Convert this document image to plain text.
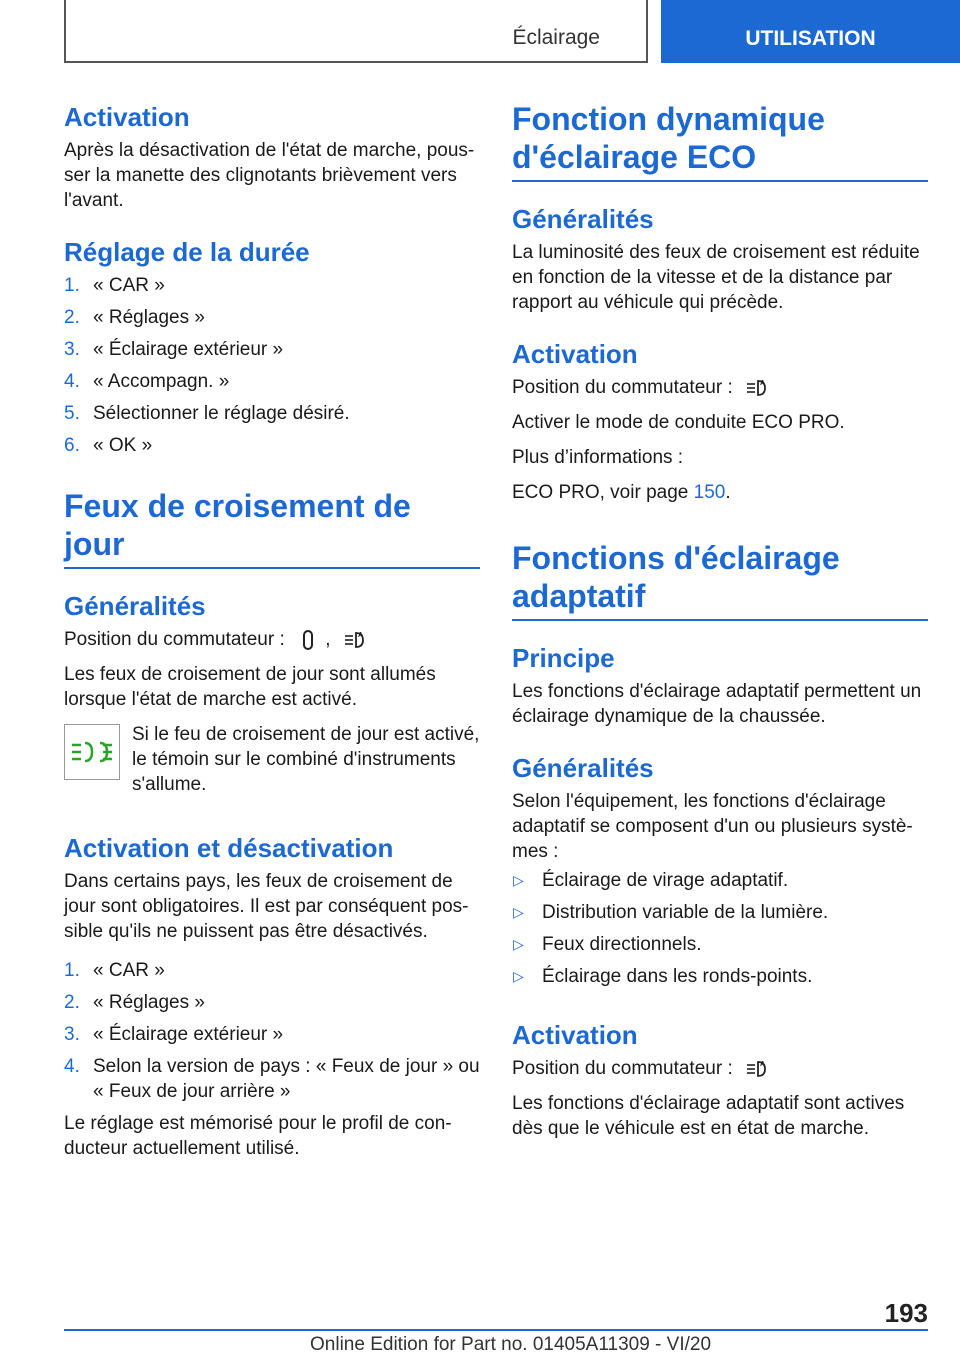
Éclairage	UTILISATION
Activation

Après la désactivation de l'état de marche, pous-ser la manette des clignotants brièvement vers l'avant.

Réglage de la durée
1. « CAR »
2. « Réglages »
3. « Éclairage extérieur »
4. « Accompagn. »
5. Sélectionner le réglage désiré.
6. « OK »
Feux de croisement de jour
Généralités

Position du commutateur : ,	A

Les feux de croisement de jour sont allumés lorsque l'état de marche est activé.

Si le feu de croisement de jour est activé, le témoin sur le combiné d'instruments s'allume.

Activation et désactivation

Dans certains pays, les feux de croisement de jour sont obligatoires. Il est par conséquent pos-sible qu'ils ne puissent pas être désactivés.

1. « CAR »
2. « Réglages »
3. « Éclairage extérieur »
4. Selon la version de pays : « Feux de jour » ou « Feux de jour arrière »

Le réglage est mémorisé pour le profil de con-ducteur actuellement utilisé.

Fonction dynamique d'éclairage ECO
Généralités

La luminosité des feux de croisement est réduite en fonction de la vitesse et de la distance par rapport au véhicule qui précède.

Activation

Position du commutateur :	A

Activer le mode de conduite ECO PRO.

Plus d’informations :

ECO PRO, voir page 150.

Fonctions d'éclairage adaptatif
Principe

Les fonctions d'éclairage adaptatif permettent un éclairage dynamique de la chaussée.

Généralités

Selon l'équipement, les fonctions d'éclairage adaptatif se composent d'un ou plusieurs systè-mes :

▷ Éclairage de virage adaptatif.
▷ Distribution variable de la lumière.
▷ Feux directionnels.
▷ Éclairage dans les ronds-points.
Activation

Position du commutateur :	A

Les fonctions d'éclairage adaptatif sont actives dès que le véhicule est en état de marche.

193
Online Edition for Part no. 01405A11309 - VI/20
